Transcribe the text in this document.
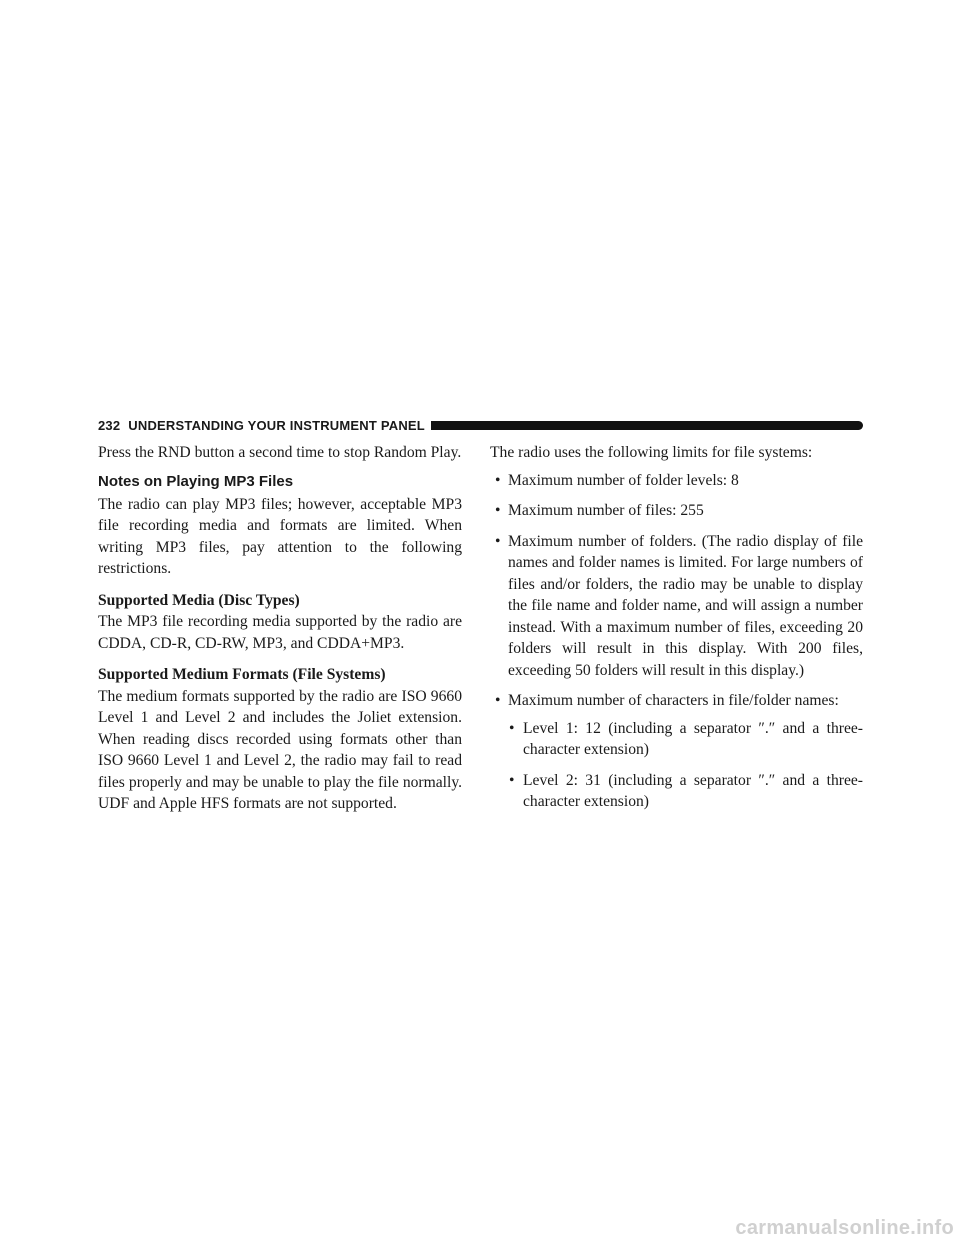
232 UNDERSTANDING YOUR INSTRUMENT PANEL

Press the RND button a second time to stop Random Play.

Notes on Playing MP3 Files

The radio can play MP3 files; however, acceptable MP3 file recording media and formats are limited. When writing MP3 files, pay attention to the following restrictions.

Supported Media (Disc Types)

The MP3 file recording media supported by the radio are CDDA, CD-R, CD-RW, MP3, and CDDA+MP3.

Supported Medium Formats (File Systems)

The medium formats supported by the radio are ISO 9660 Level 1 and Level 2 and includes the Joliet extension. When reading discs recorded using formats other than ISO 9660 Level 1 and Level 2, the radio may fail to read files properly and may be unable to play the file normally. UDF and Apple HFS formats are not supported.

The radio uses the following limits for file systems:

• Maximum number of folder levels: 8
• Maximum number of files: 255
• Maximum number of folders. (The radio display of file names and folder names is limited. For large numbers of files and/or folders, the radio may be unable to display the file name and folder name, and will assign a number instead. With a maximum number of files, exceeding 20 folders will result in this display. With 200 files, exceeding 50 folders will result in this display.)
• Maximum number of characters in file/folder names:
• Level 1: 12 (including a separator ″.″ and a three-character extension)
• Level 2: 31 (including a separator ″.″ and a three-character extension)
carmanualsonline.info
